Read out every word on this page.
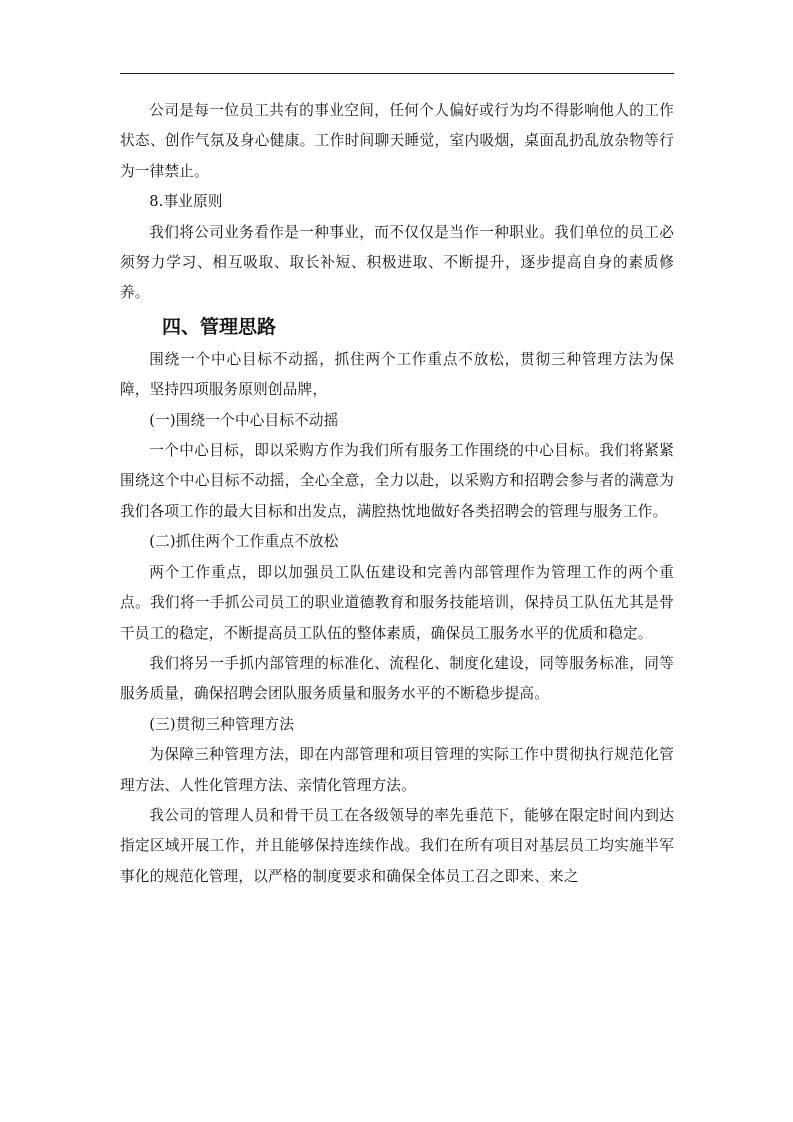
公司是每一位员工共有的事业空间，任何个人偏好或行为均不得影响他人的工作状态、创作气氛及身心健康。工作时间聊天睡觉，室内吸烟，桌面乱扔乱放杂物等行为一律禁止。

8.事业原则

我们将公司业务看作是一种事业，而不仅仅是当作一种职业。我们单位的员工必须努力学习、相互吸取、取长补短、积极进取、不断提升，逐步提高自身的素质修养。

四、管理思路

围绕一个中心目标不动摇，抓住两个工作重点不放松，贯彻三种管理方法为保障，坚持四项服务原则创品牌，

(一)围绕一个中心目标不动摇

一个中心目标，即以采购方作为我们所有服务工作围绕的中心目标。我们将紧紧围绕这个中心目标不动摇，全心全意，全力以赴，以采购方和招聘会参与者的满意为我们各项工作的最大目标和出发点，满腔热忱地做好各类招聘会的管理与服务工作。

(二)抓住两个工作重点不放松

两个工作重点，即以加强员工队伍建设和完善内部管理作为管理工作的两个重点。我们将一手抓公司员工的职业道德教育和服务技能培训，保持员工队伍尤其是骨干员工的稳定，不断提高员工队伍的整体素质，确保员工服务水平的优质和稳定。

我们将另一手抓内部管理的标准化、流程化、制度化建设，同等服务标准，同等服务质量，确保招聘会团队服务质量和服务水平的不断稳步提高。

(三)贯彻三种管理方法

为保障三种管理方法，即在内部管理和项目管理的实际工作中贯彻执行规范化管理方法、人性化管理方法、亲情化管理方法。

我公司的管理人员和骨干员工在各级领导的率先垂范下，能够在限定时间内到达指定区域开展工作，并且能够保持连续作战。我们在所有项目对基层员工均实施半军事化的规范化管理，以严格的制度要求和确保全体员工召之即来、来之
